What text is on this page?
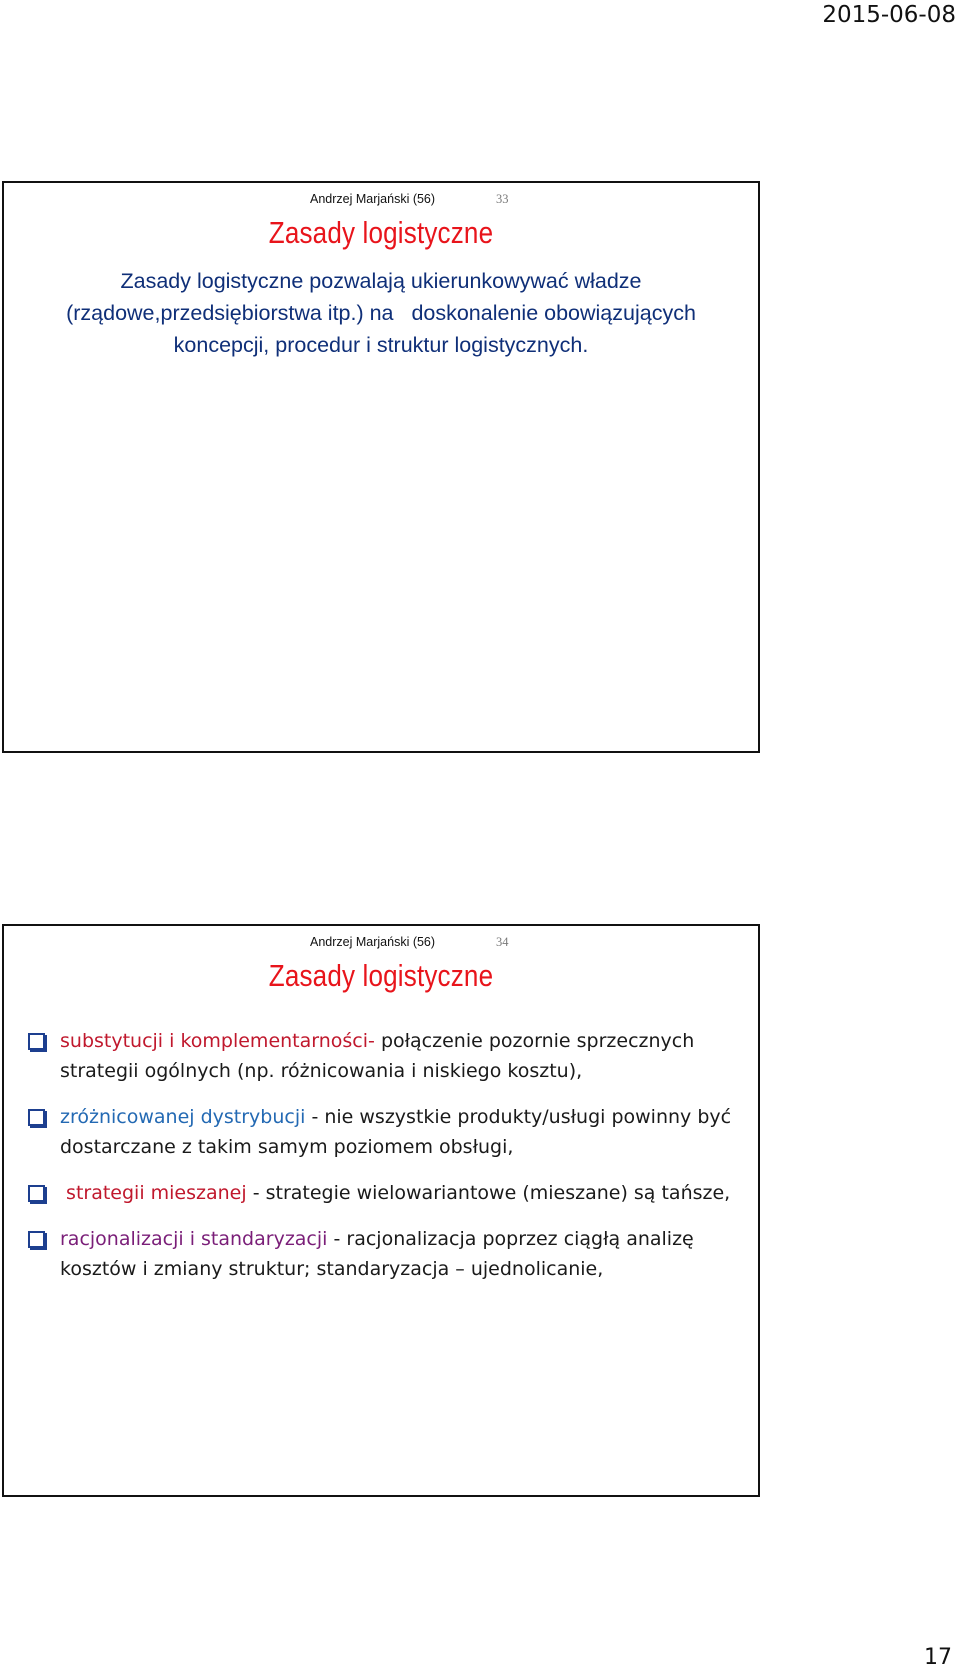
2015-06-08
Andrzej Marjański (56)	33
Zasady logistyczne
Zasady logistyczne pozwalają ukierunkowywać władze
(rządowe,przedsiębiorstwa itp.) na   doskonalenie obowiązujących
koncepcji, procedur i struktur logistycznych.
Andrzej Marjański (56)	34
Zasady logistyczne
substytucji i komplementarności- połączenie pozornie sprzecznych strategii ogólnych (np. różnicowania i niskiego kosztu),
zróżnicowanej dystrybucji - nie wszystkie produkty/usługi powinny być dostarczane z takim samym poziomem obsługi,
strategii mieszanej - strategie wielowariantowe (mieszane) są tańsze,
racjonalizacji i standaryzacji - racjonalizacja poprzez ciągłą analizę kosztów i zmiany struktur; standaryzacja – ujednolicanie,
17
